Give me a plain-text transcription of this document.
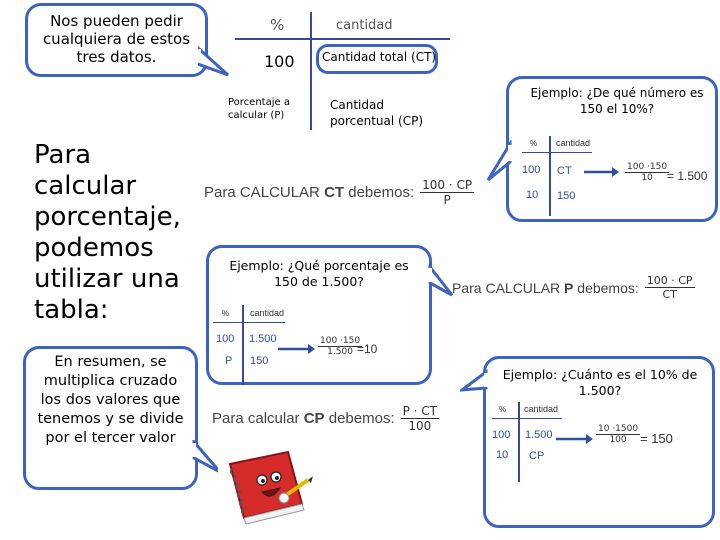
Nos pueden pedir cualquiera de estos tres datos.
Para calcular porcentaje, podemos utilizar una tabla:
En resumen, se multiplica cruzado los dos valores que tenemos y se divide por el tercer valor
%	cantidad
100 Cantidad total (CT)
Porcentaje a calcular (P)
Cantidad porcentual (CP)
Para CALCULAR CT debemos: $\frac{100 \cdot CP}{P}$
Ejemplo: ¿De qué número es 150 el 10%?
% cantidad
100 CT
10 150
$\frac{100 \cdot 150}{10}$
= 1.500
Ejemplo: ¿Qué porcentaje es 150 de 1.500?
% cantidad
100 1.500
P 150
$\frac{100 \cdot 150}{1.500}$
=10
Para CALCULAR P debemos: $\frac{100 \cdot CP}{CT}$
Para calcular CP debemos: $\frac{P \cdot CT}{100}$
Ejemplo: ¿Cuánto es el 10% de 1.500?
% cantidad
100 1.500
10 CP
$\frac{10 \cdot 1500}{100} = 150$
